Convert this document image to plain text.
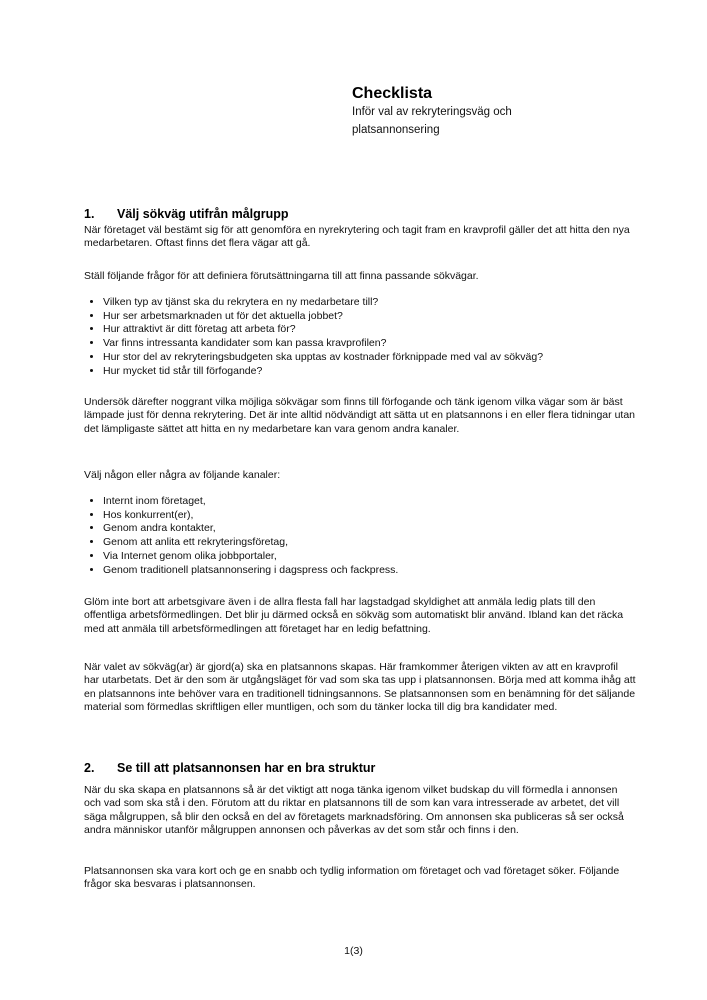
Checklista

Inför val av rekryteringsväg och platsannonsering

1.	Välj sökväg utifrån målgrupp

När företaget väl bestämt sig för att genomföra en nyrekrytering och tagit fram en kravprofil gäller det att hitta den nya medarbetaren. Oftast finns det flera vägar att gå.

Ställ följande frågor för att definiera förutsättningarna till att finna passande sökvägar.

• Vilken typ av tjänst ska du rekrytera en ny medarbetare till?
• Hur ser arbetsmarknaden ut för det aktuella jobbet?
• Hur attraktivt är ditt företag att arbeta för?
• Var finns intressanta kandidater som kan passa kravprofilen?
• Hur stor del av rekryteringsbudgeten ska upptas av kostnader förknippade med val av sökväg?
• Hur mycket tid står till förfogande?

Undersök därefter noggrant vilka möjliga sökvägar som finns till förfogande och tänk igenom vilka vägar som är bäst lämpade just för denna rekrytering. Det är inte alltid nödvändigt att sätta ut en platsannons i en eller flera tidningar utan det lämpligaste sättet att hitta en ny medarbetare kan vara genom andra kanaler.

Välj någon eller några av följande kanaler:

• Internt inom företaget,
• Hos konkurrent(er),
• Genom andra kontakter,
• Genom att anlita ett rekryteringsföretag,
• Via Internet genom olika jobbportaler,
• Genom traditionell platsannonsering i dagspress och fackpress.

Glöm inte bort att arbetsgivare även i de allra flesta fall har lagstadgad skyldighet att anmäla ledig plats till den offentliga arbetsförmedlingen. Det blir ju därmed också en sökväg som automatiskt blir använd. Ibland kan det räcka med att anmäla till arbetsförmedlingen att företaget har en ledig befattning.

När valet av sökväg(ar) är gjord(a) ska en platsannons skapas. Här framkommer återigen vikten av att en kravprofil har utarbetats. Det är den som är utgångsläget för vad som ska tas upp i platsannonsen. Börja med att komma ihåg att en platsannons inte behöver vara en traditionell tidningsannons. Se platsannonsen som en benämning för det säljande material som förmedlas skriftligen eller muntligen, och som du tänker locka till dig bra kandidater med.

2.	Se till att platsannonsen har en bra struktur

När du ska skapa en platsannons så är det viktigt att noga tänka igenom vilket budskap du vill förmedla i annonsen och vad som ska stå i den. Förutom att du riktar en platsannons till de som kan vara intresserade av arbetet, det vill säga målgruppen, så blir den också en del av företagets marknadsföring. Om annonsen ska publiceras så ser också andra människor utanför målgruppen annonsen och påverkas av det som står och finns i den.

Platsannonsen ska vara kort och ge en snabb och tydlig information om företaget och vad företaget söker. Följande frågor ska besvaras i platsannonsen.

1(3)
